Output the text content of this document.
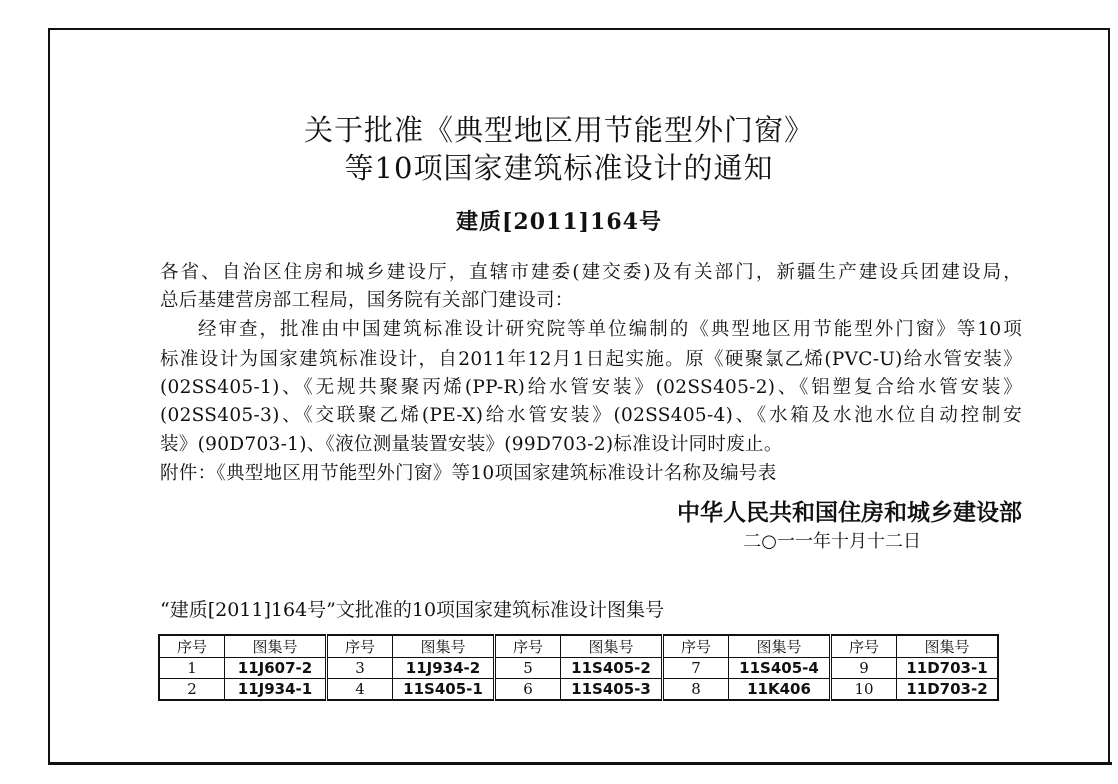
关于批准《典型地区用节能型外门窗》
等10项国家建筑标准设计的通知
建质[2011]164号
各省、自治区住房和城乡建设厅，直辖市建委(建交委)及有关部门，新疆生产建设兵团建设局，
总后基建营房部工程局，国务院有关部门建设司：
经审查，批准由中国建筑标准设计研究院等单位编制的《典型地区用节能型外门窗》等10项
标准设计为国家建筑标准设计，自2011年12月1日起实施。原《硬聚氯乙烯(PVC-U)给水管安装》
(02SS405-1)、《无规共聚聚丙烯(PP-R)给水管安装》(02SS405-2)、《铝塑复合给水管安装》
(02SS405-3)、《交联聚乙烯(PE-X)给水管安装》(02SS405-4)、《水箱及水池水位自动控制安
装》(90D703-1)、《液位测量装置安装》(99D703-2)标准设计同时废止。
附件：《典型地区用节能型外门窗》等10项国家建筑标准设计名称及编号表
中华人民共和国住房和城乡建设部
二○一一年十月十二日
“建质[2011]164号”文批准的10项国家建筑标准设计图集号
序号	图集号	序号	图集号	序号	图集号	序号	图集号	序号	图集号
1	11J607-2	3	11J934-2	5	11S405-2	7	11S405-4	9	11D703-1
2	11J934-1	4	11S405-1	6	11S405-3	8	11K406	10	11D703-2
